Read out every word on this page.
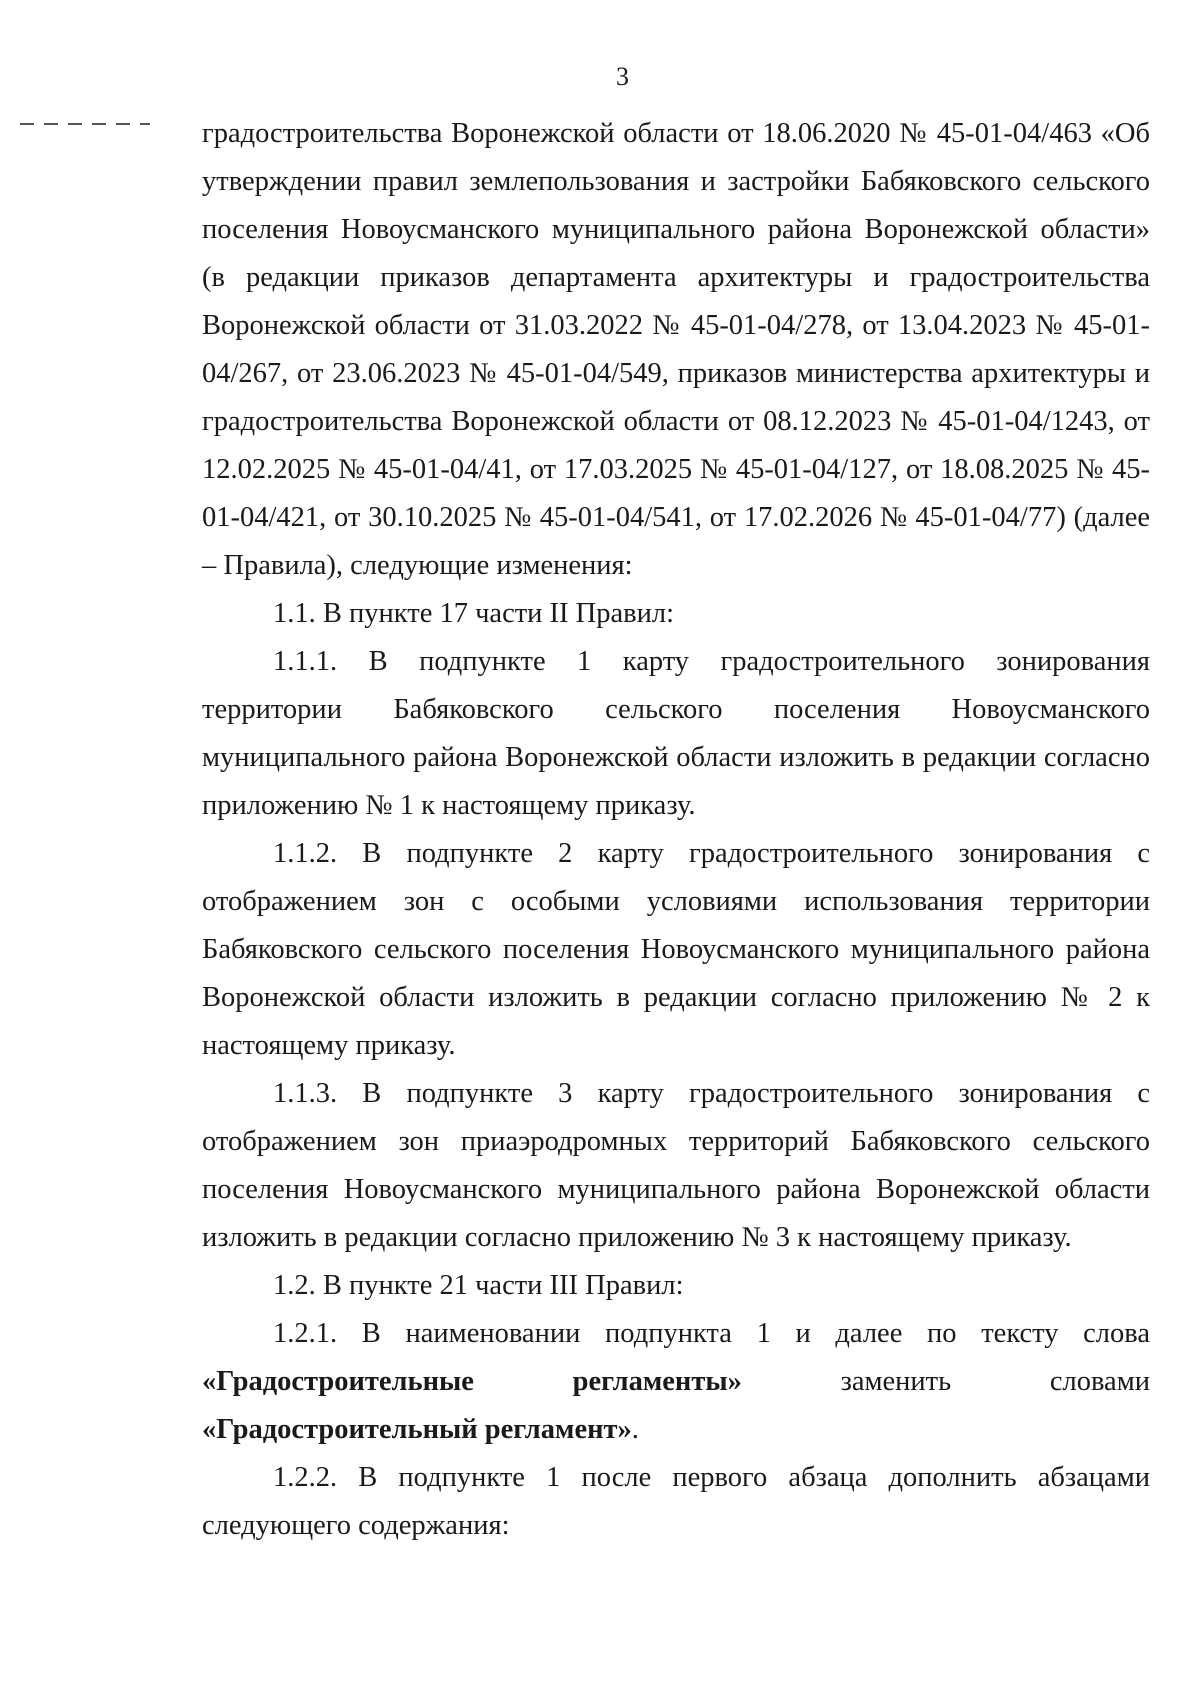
3

градостроительства Воронежской области от 18.06.2020 № 45-01-04/463 «Об утверждении правил землепользования и застройки Бабяковского сельского поселения Новоусманского муниципального района Воронежской области» (в редакции приказов департамента архитектуры и градостроительства Воронежской области от 31.03.2022 № 45-01-04/278, от 13.04.2023 № 45-01-04/267, от 23.06.2023 № 45-01-04/549, приказов министерства архитектуры и градостроительства Воронежской области от 08.12.2023 № 45-01-04/1243, от 12.02.2025 № 45-01-04/41, от 17.03.2025 № 45-01-04/127, от 18.08.2025 № 45-01-04/421, от 30.10.2025 № 45-01-04/541, от 17.02.2026 № 45-01-04/77) (далее – Правила), следующие изменения:

1.1. В пункте 17 части II Правил:

1.1.1. В подпункте 1 карту градостроительного зонирования территории Бабяковского сельского поселения Новоусманского муниципального района Воронежской области изложить в редакции согласно приложению № 1 к настоящему приказу.

1.1.2. В подпункте 2 карту градостроительного зонирования с отображением зон с особыми условиями использования территории Бабяковского сельского поселения Новоусманского муниципального района Воронежской области изложить в редакции согласно приложению № 2 к настоящему приказу.

1.1.3. В подпункте 3 карту градостроительного зонирования с отображением зон приаэродромных территорий Бабяковского сельского поселения Новоусманского муниципального района Воронежской области изложить в редакции согласно приложению № 3 к настоящему приказу.

1.2. В пункте 21 части III Правил:

1.2.1. В наименовании подпункта 1 и далее по тексту слова «Градостроительные регламенты» заменить словами «Градостроительный регламент».

1.2.2. В подпункте 1 после первого абзаца дополнить абзацами следующего содержания:
